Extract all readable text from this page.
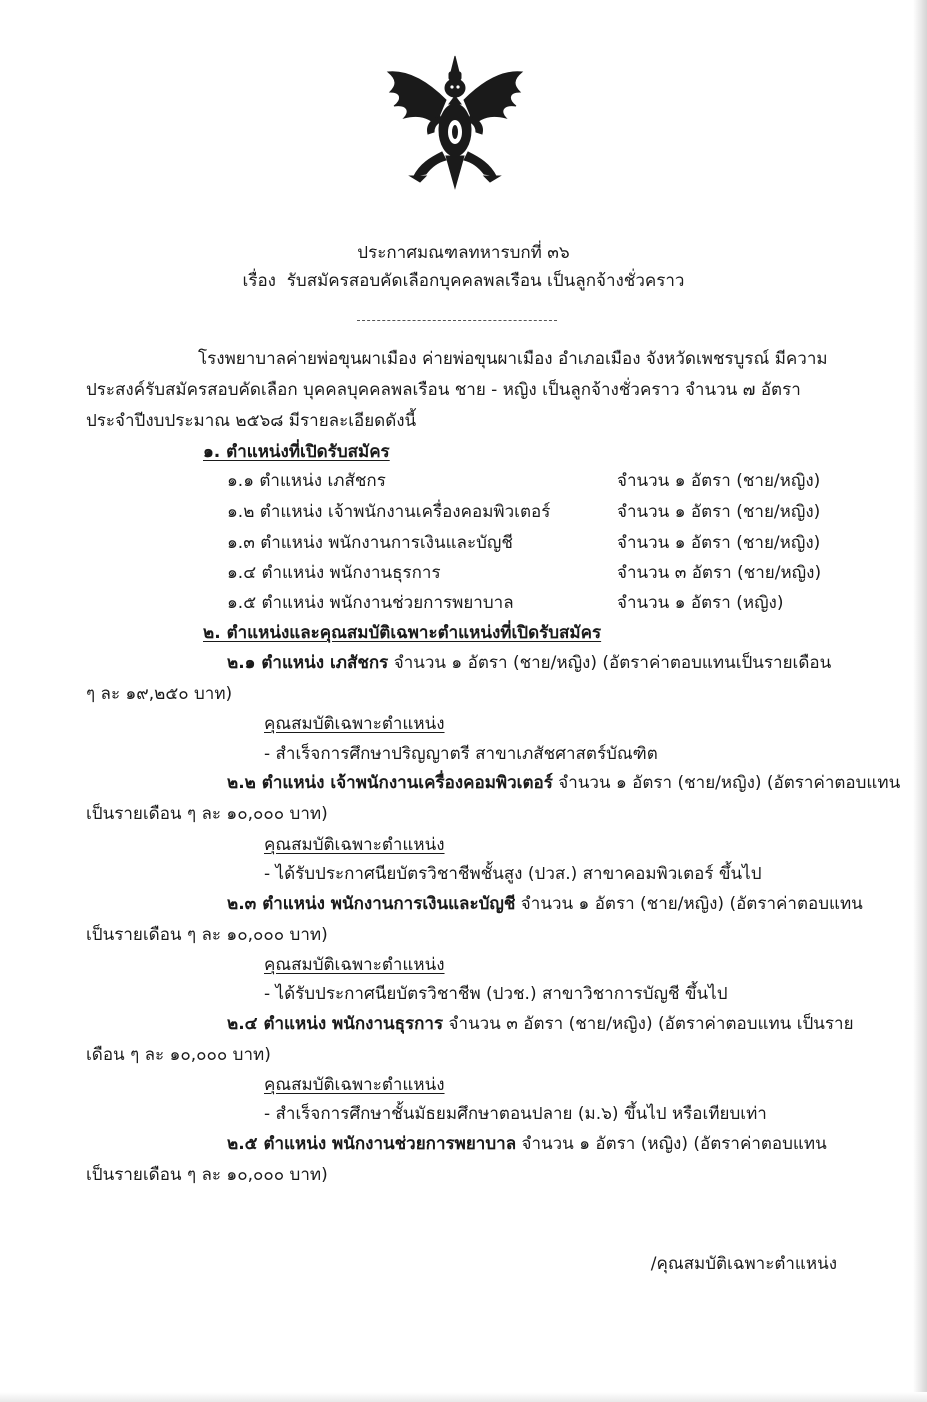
ประกาศมณฑลทหารบกที่ ๓๖
เรื่อง รับสมัครสอบคัดเลือกบุคคลพลเรือน เป็นลูกจ้างชั่วคราว
โรงพยาบาลค่ายพ่อขุนผาเมือง ค่ายพ่อขุนผาเมือง อำเภอเมือง จังหวัดเพชรบูรณ์ มีความ
ประสงค์รับสมัครสอบคัดเลือก บุคคลบุคคลพลเรือน ชาย - หญิง เป็นลูกจ้างชั่วคราว จำนวน ๗ อัตรา
ประจำปีงบประมาณ ๒๕๖๘ มีรายละเอียดดังนี้
๑. ตำแหน่งที่เปิดรับสมัคร
๑.๑ ตำแหน่ง เภสัชกร	จำนวน ๑ อัตรา (ชาย/หญิง)
๑.๒ ตำแหน่ง เจ้าพนักงานเครื่องคอมพิวเตอร์	จำนวน ๑ อัตรา (ชาย/หญิง)
๑.๓ ตำแหน่ง พนักงานการเงินและบัญชี	จำนวน ๑ อัตรา (ชาย/หญิง)
๑.๔ ตำแหน่ง พนักงานธุรการ	จำนวน ๓ อัตรา (ชาย/หญิง)
๑.๕ ตำแหน่ง พนักงานช่วยการพยาบาล	จำนวน ๑ อัตรา (หญิง)
๒. ตำแหน่งและคุณสมบัติเฉพาะตำแหน่งที่เปิดรับสมัคร
๒.๑ ตำแหน่ง เภสัชกร จำนวน ๑ อัตรา (ชาย/หญิง) (อัตราค่าตอบแทนเป็นรายเดือน
ๆ ละ ๑๙,๒๕๐ บาท)
คุณสมบัติเฉพาะตำแหน่ง
- สำเร็จการศึกษาปริญญาตรี สาขาเภสัชศาสตร์บัณฑิต
๒.๒ ตำแหน่ง เจ้าพนักงานเครื่องคอมพิวเตอร์ จำนวน ๑ อัตรา (ชาย/หญิง) (อัตราค่าตอบแทน
เป็นรายเดือน ๆ ละ ๑๐,๐๐๐ บาท)
คุณสมบัติเฉพาะตำแหน่ง
- ได้รับประกาศนียบัตรวิชาชีพชั้นสูง (ปวส.) สาขาคอมพิวเตอร์ ขึ้นไป
๒.๓ ตำแหน่ง พนักงานการเงินและบัญชี จำนวน ๑ อัตรา (ชาย/หญิง) (อัตราค่าตอบแทน
เป็นรายเดือน ๆ ละ ๑๐,๐๐๐ บาท)
คุณสมบัติเฉพาะตำแหน่ง
- ได้รับประกาศนียบัตรวิชาชีพ (ปวช.) สาขาวิชาการบัญชี ขึ้นไป
๒.๔ ตำแหน่ง พนักงานธุรการ จำนวน ๓ อัตรา (ชาย/หญิง) (อัตราค่าตอบแทน เป็นราย
เดือน ๆ ละ ๑๐,๐๐๐ บาท)
คุณสมบัติเฉพาะตำแหน่ง
- สำเร็จการศึกษาชั้นมัธยมศึกษาตอนปลาย (ม.๖) ขึ้นไป หรือเทียบเท่า
๒.๕ ตำแหน่ง พนักงานช่วยการพยาบาล จำนวน ๑ อัตรา (หญิง) (อัตราค่าตอบแทน
เป็นรายเดือน ๆ ละ ๑๐,๐๐๐ บาท)
/คุณสมบัติเฉพาะตำแหน่ง
